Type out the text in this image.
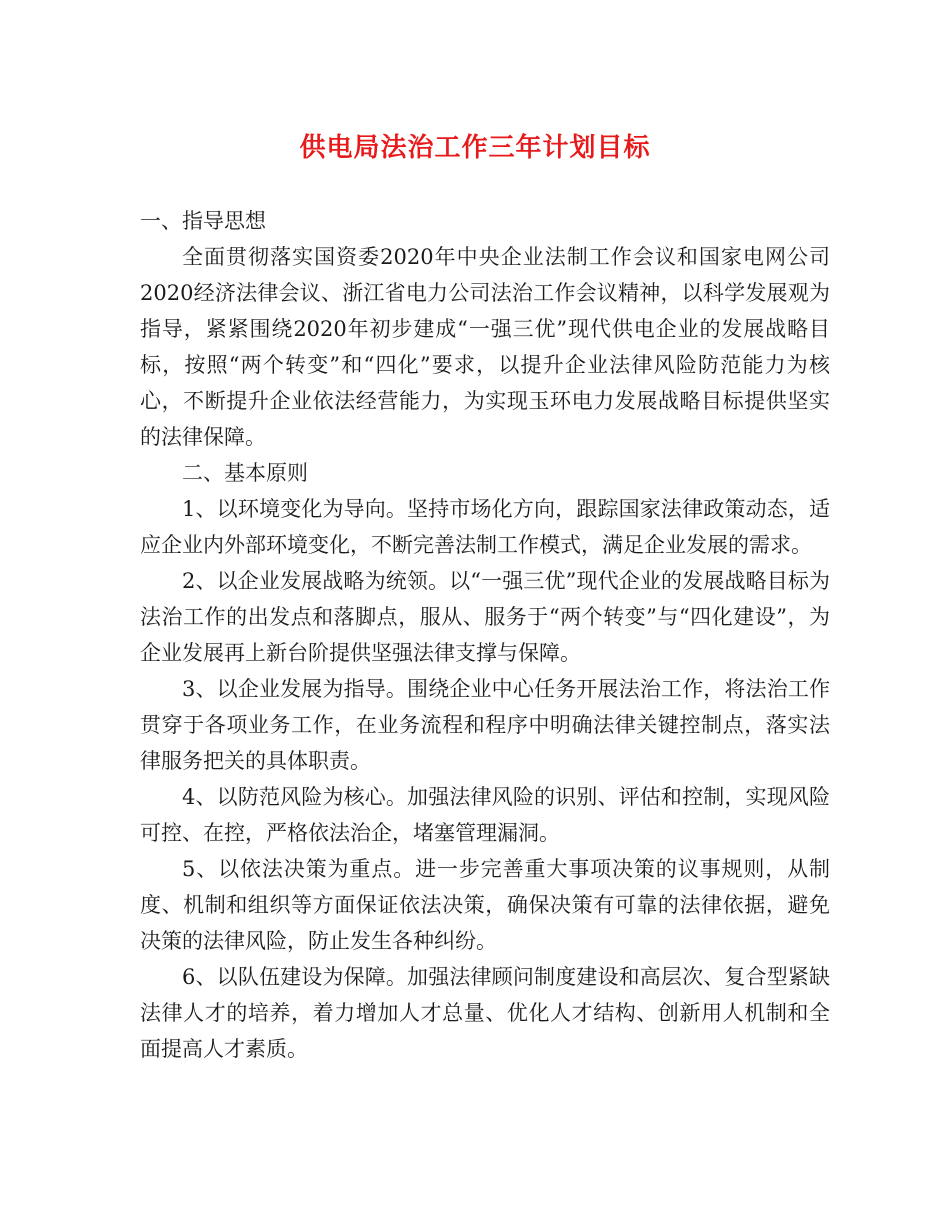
供电局法治工作三年计划目标

一、指导思想

全面贯彻落实国资委2020年中央企业法制工作会议和国家电网公司2020经济法律会议、浙江省电力公司法治工作会议精神，以科学发展观为指导，紧紧围绕2020年初步建成“一强三优”现代供电企业的发展战略目标，按照“两个转变”和“四化”要求，以提升企业法律风险防范能力为核心，不断提升企业依法经营能力，为实现玉环电力发展战略目标提供坚实的法律保障。

二、基本原则

1、以环境变化为导向。坚持市场化方向，跟踪国家法律政策动态，适应企业内外部环境变化，不断完善法制工作模式，满足企业发展的需求。

2、以企业发展战略为统领。以“一强三优”现代企业的发展战略目标为法治工作的出发点和落脚点，服从、服务于“两个转变”与“四化建设”，为企业发展再上新台阶提供坚强法律支撑与保障。

3、以企业发展为指导。围绕企业中心任务开展法治工作，将法治工作贯穿于各项业务工作，在业务流程和程序中明确法律关键控制点，落实法律服务把关的具体职责。

4、以防范风险为核心。加强法律风险的识别、评估和控制，实现风险可控、在控，严格依法治企，堵塞管理漏洞。

5、以依法决策为重点。进一步完善重大事项决策的议事规则，从制度、机制和组织等方面保证依法决策，确保决策有可靠的法律依据，避免决策的法律风险，防止发生各种纠纷。

6、以队伍建设为保障。加强法律顾问制度建设和高层次、复合型紧缺法律人才的培养，着力增加人才总量、优化人才结构、创新用人机制和全面提高人才素质。
